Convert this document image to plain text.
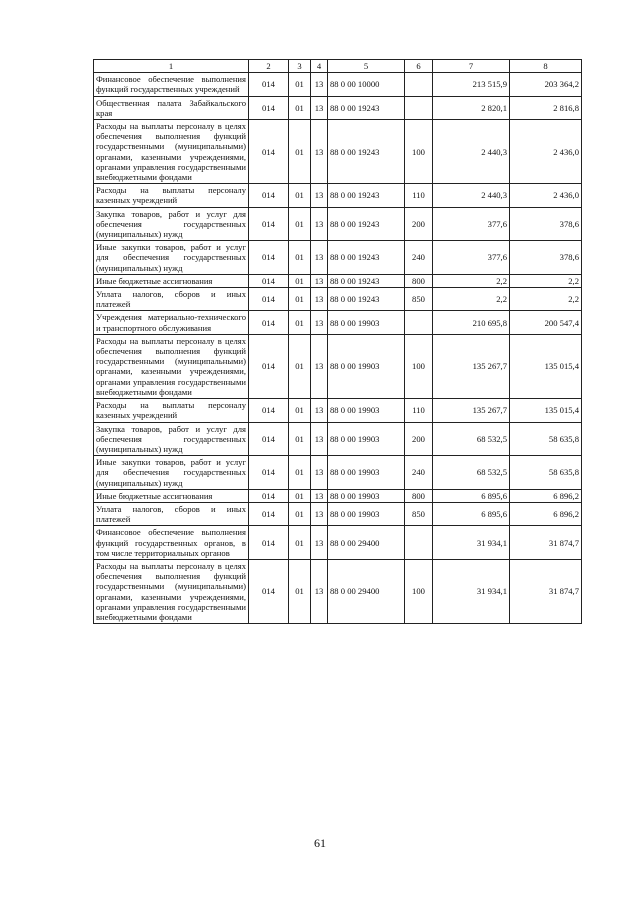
1	2	3	4	5	6	7	8
Финансовое обеспечение выполнения функций государственных учреждений	014	01	13	88 0 00 10000		213 515,9	203 364,2
Общественная палата Забайкальского края	014	01	13	88 0 00 19243		2 820,1	2 816,8
Расходы на выплаты персоналу в целях обеспечения выполнения функций государственными (муниципальными) органами, казенными учреждениями, органами управления государственными внебюджетными фондами	014	01	13	88 0 00 19243	100	2 440,3	2 436,0
Расходы на выплаты персоналу казенных учреждений	014	01	13	88 0 00 19243	110	2 440,3	2 436,0
Закупка товаров, работ и услуг для обеспечения государственных (муниципальных) нужд	014	01	13	88 0 00 19243	200	377,6	378,6
Иные закупки товаров, работ и услуг для обеспечения государственных (муниципальных) нужд	014	01	13	88 0 00 19243	240	377,6	378,6
Иные бюджетные ассигнования	014	01	13	88 0 00 19243	800	2,2	2,2
Уплата налогов, сборов и иных платежей	014	01	13	88 0 00 19243	850	2,2	2,2
Учреждения материально-технического и транспортного обслуживания	014	01	13	88 0 00 19903		210 695,8	200 547,4
Расходы на выплаты персоналу в целях обеспечения выполнения функций государственными (муниципальными) органами, казенными учреждениями, органами управления государственными внебюджетными фондами	014	01	13	88 0 00 19903	100	135 267,7	135 015,4
Расходы на выплаты персоналу казенных учреждений	014	01	13	88 0 00 19903	110	135 267,7	135 015,4
Закупка товаров, работ и услуг для обеспечения государственных (муниципальных) нужд	014	01	13	88 0 00 19903	200	68 532,5	58 635,8
Иные закупки товаров, работ и услуг для обеспечения государственных (муниципальных) нужд	014	01	13	88 0 00 19903	240	68 532,5	58 635,8
Иные бюджетные ассигнования	014	01	13	88 0 00 19903	800	6 895,6	6 896,2
Уплата налогов, сборов и иных платежей	014	01	13	88 0 00 19903	850	6 895,6	6 896,2
Финансовое обеспечение выполнения функций государственных органов, в том числе территориальных органов	014	01	13	88 0 00 29400		31 934,1	31 874,7
Расходы на выплаты персоналу в целях обеспечения выполнения функций государственными (муниципальными) органами, казенными учреждениями, органами управления государственными внебюджетными фондами	014	01	13	88 0 00 29400	100	31 934,1	31 874,7
61
